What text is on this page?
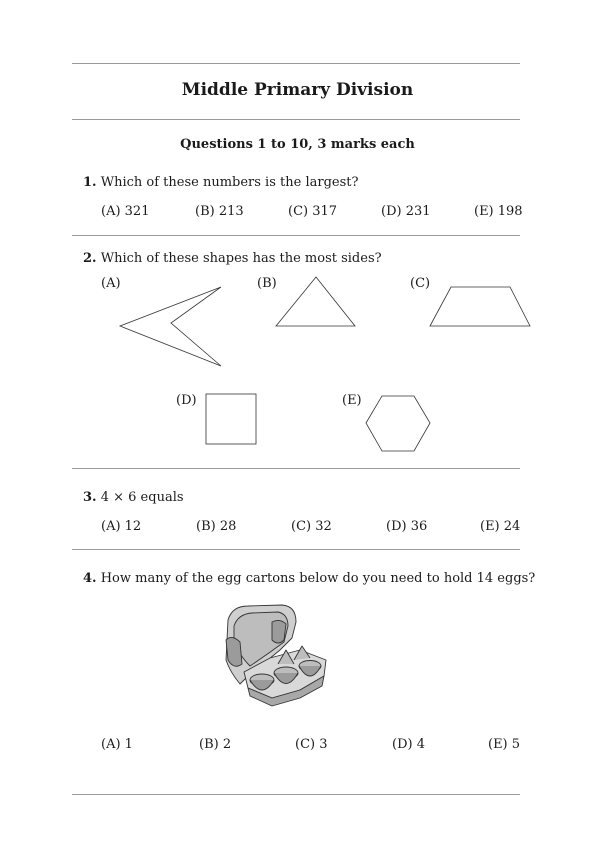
Middle Primary Division
Questions 1 to 10, 3 marks each
1. Which of these numbers is the largest?
(A) 321	(B) 213	(C) 317	(D) 231	(E) 198
2. Which of these shapes has the most sides?
(A)	(B)	(C)
(D)	(E)
3. 4 × 6 equals
(A) 12	(B) 28	(C) 32	(D) 36	(E) 24
4. How many of the egg cartons below do you need to hold 14 eggs?
(A) 1	(B) 2	(C) 3	(D) 4	(E) 5
